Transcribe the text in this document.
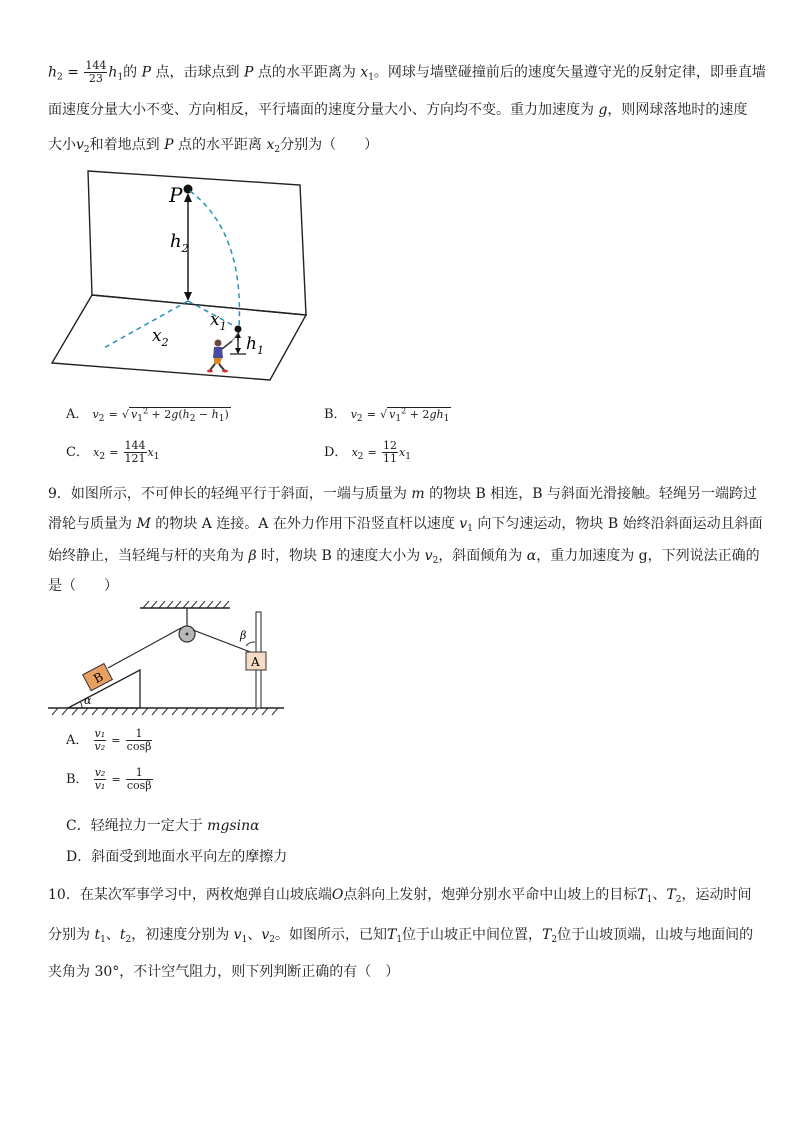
$h_2 = \frac{144}{23} h_1$的 P 点，击球点到 P 点的水平距离为 $x_1$。网球与墙壁碰撞前后的速度矢量遵守光的反射定律，即垂直墙
面速度分量大小不变、方向相反，平行墙面的速度分量大小、方向均不变。重力加速度为 g，则网球落地时的速度
大小$v_2$和着地点到 P 点的水平距离 $x_2$分别为（　　）
P
$h_2$
$x_1$
$x_2$	$h_1$
A． $v_2$ = √ $v_1^2 + 2g(h_2 - h_1)$	B． $v_2$ = √ $v_1^2 + 2gh_1$
C． $x_2 = \frac{144}{121} x_1$	D． $x_2 = \frac{12}{11} x_1$
9．如图所示，不可伸长的轻绳平行于斜面，一端与质量为 m 的物块 B 相连，B 与斜面光滑接触。轻绳另一端跨过
滑轮与质量为 M 的物块 A 连接。A 在外力作用下沿竖直杆以速度 $v_1$ 向下匀速运动，物块 B 始终沿斜面运动且斜面
始终静止，当轻绳与杆的夹角为 β 时，物块 B 的速度大小为 $v_2$，斜面倾角为 α，重力加速度为 g，下列说法正确的
是（　　）
α
B
A
β
A． $\frac{\text{v₁}}{\text{v₂}} = \frac{1}{\cos\beta}$
B． $\frac{\text{v₂}}{\text{v₁}} = \frac{1}{\cos\beta}$
C．轻绳拉力一定大于 mgsinα
D．斜面受到地面水平向左的摩擦力
10．在某次军事学习中，两枚炮弹自山坡底端O点斜向上发射，炮弹分别水平命中山坡上的目标$T_1$、$T_2$，运动时间
分别为 $t_1$、$t_2$，初速度分别为 $v_1$、$v_2$。如图所示，已知$T_1$位于山坡正中间位置，$T_2$位于山坡顶端，山坡与地面间的
夹角为 30°，不计空气阻力，则下列判断正确的有（　）
